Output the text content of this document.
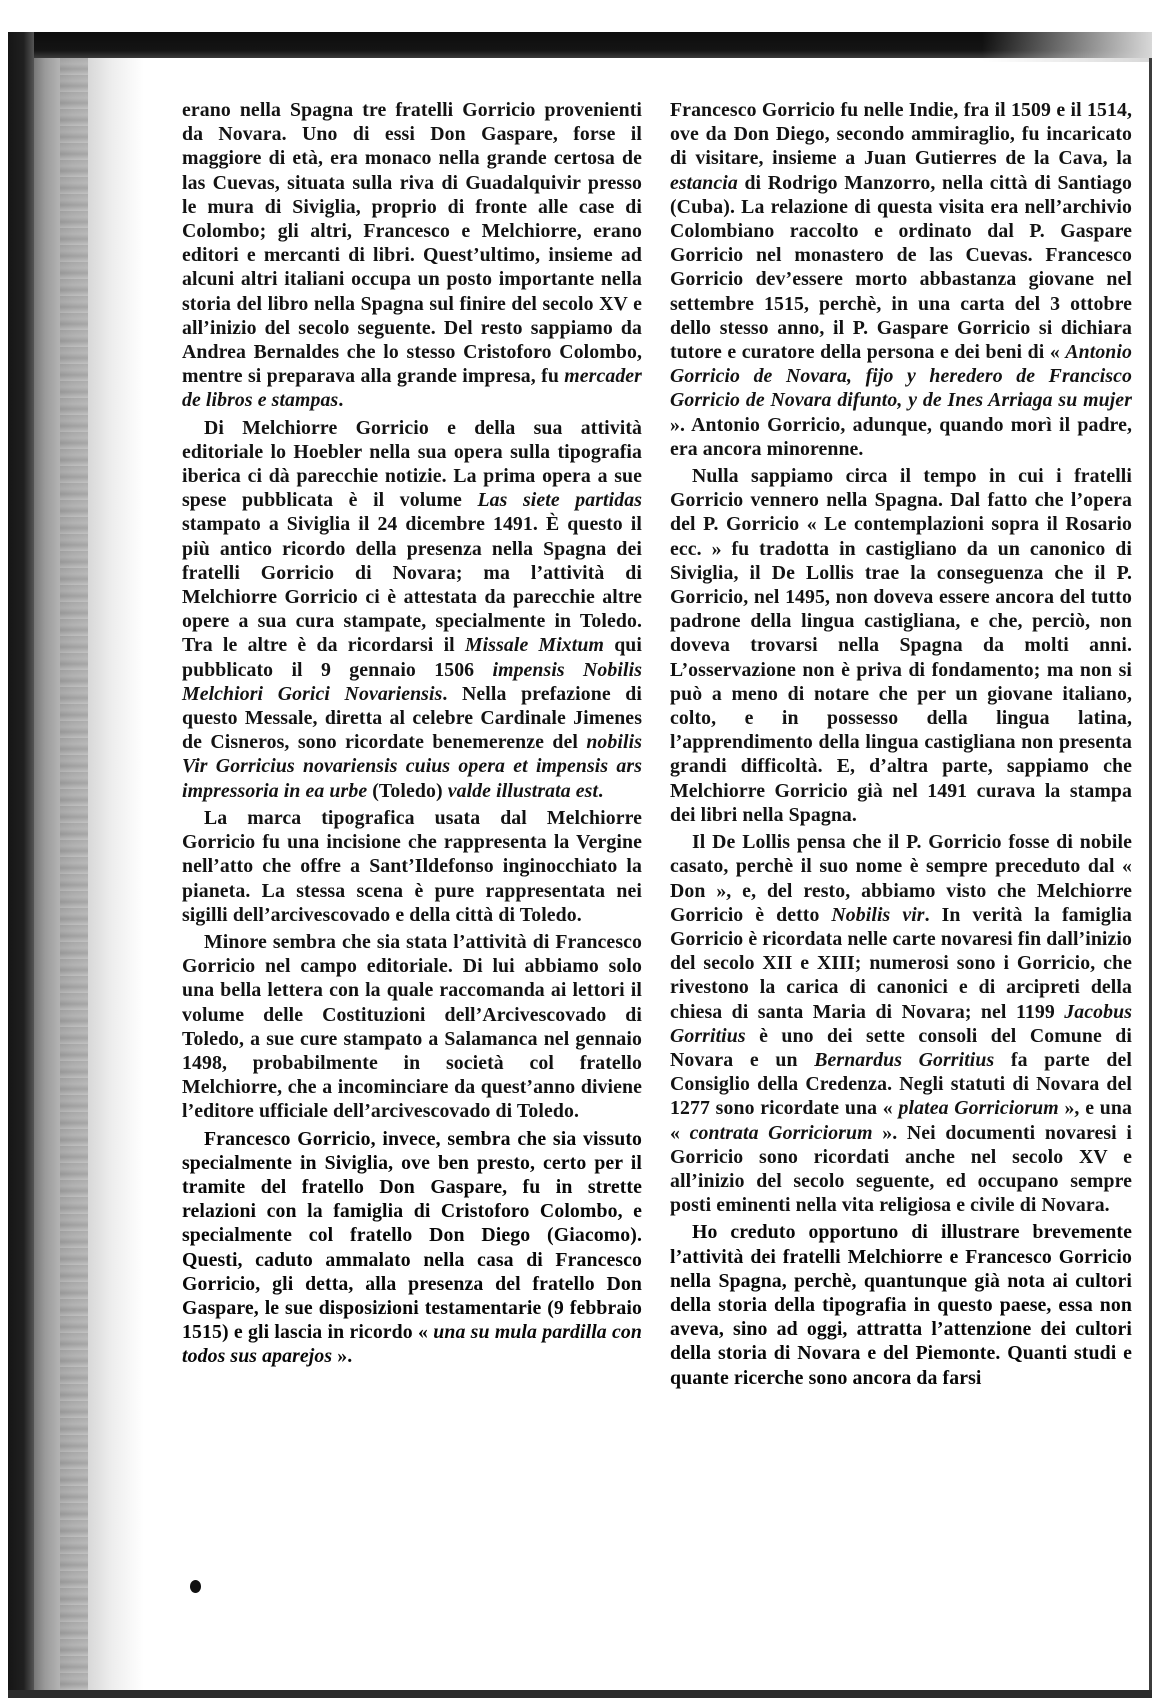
erano nella Spagna tre fratelli Gorricio provenienti da Novara. Uno di essi Don Gaspare, forse il maggiore di età, era monaco nella grande certosa de las Cuevas, situata sulla riva di Guadalquivir presso le mura di Siviglia, proprio di fronte alle case di Colombo; gli altri, Francesco e Melchiorre, erano editori e mercanti di libri. Quest’ultimo, insieme ad alcuni altri italiani occupa un posto importante nella storia del libro nella Spagna sul finire del secolo XV e all’inizio del secolo seguente. Del resto sappiamo da Andrea Bernaldes che lo stesso Cristoforo Colombo, mentre si preparava alla grande impresa, fu mercader de libros e stampas.

Di Melchiorre Gorricio e della sua attività editoriale lo Hoebler nella sua opera sulla tipografia iberica ci dà parecchie notizie. La prima opera a sue spese pubblicata è il volume Las siete partidas stampato a Siviglia il 24 dicembre 1491. È questo il più antico ricordo della presenza nella Spagna dei fratelli Gorricio di Novara; ma l’attività di Melchiorre Gorricio ci è attestata da parecchie altre opere a sua cura stampate, specialmente in Toledo. Tra le altre è da ricordarsi il Missale Mixtum qui pubblicato il 9 gennaio 1506 impensis Nobilis Melchiori Gorici Novariensis. Nella prefazione di questo Messale, diretta al celebre Cardinale Jimenes de Cisneros, sono ricordate benemerenze del nobilis Vir Gorricius novariensis cuius opera et impensis ars impressoria in ea urbe (Toledo) valde illustrata est.

La marca tipografica usata dal Melchiorre Gorricio fu una incisione che rappresenta la Vergine nell’atto che offre a Sant’Ildefonso inginocchiato la pianeta. La stessa scena è pure rappresentata nei sigilli dell’arcivescovado e della città di Toledo.

Minore sembra che sia stata l’attività di Francesco Gorricio nel campo editoriale. Di lui abbiamo solo una bella lettera con la quale raccomanda ai lettori il volume delle Costituzioni dell’Arcivescovado di Toledo, a sue cure stampato a Salamanca nel gennaio 1498, probabilmente in società col fratello Melchiorre, che a incominciare da quest’anno diviene l’editore ufficiale dell’arcivescovado di Toledo.

Francesco Gorricio, invece, sembra che sia vissuto specialmente in Siviglia, ove ben presto, certo per il tramite del fratello Don Gaspare, fu in strette relazioni con la famiglia di Cristoforo Colombo, e specialmente col fratello Don Diego (Giacomo). Questi, caduto ammalato nella casa di Francesco Gorricio, gli detta, alla presenza del fratello Don Gaspare, le sue disposizioni testamentarie (9 febbraio 1515) e gli lascia in ricordo « una su mula pardilla con todos sus aparejos ».

Francesco Gorricio fu nelle Indie, fra il 1509 e il 1514, ove da Don Diego, secondo ammiraglio, fu incaricato di visitare, insieme a Juan Gutierres de la Cava, la estancia di Rodrigo Manzorro, nella città di Santiago (Cuba). La relazione di questa visita era nell’archivio Colombiano raccolto e ordinato dal P. Gaspare Gorricio nel monastero de las Cuevas. Francesco Gorricio dev’essere morto abbastanza giovane nel settembre 1515, perchè, in una carta del 3 ottobre dello stesso anno, il P. Gaspare Gorricio si dichiara tutore e curatore della persona e dei beni di « Antonio Gorricio de Novara, fijo y heredero de Francisco Gorricio de Novara difunto, y de Ines Arriaga su mujer ». Antonio Gorricio, adunque, quando morì il padre, era ancora minorenne.

Nulla sappiamo circa il tempo in cui i fratelli Gorricio vennero nella Spagna. Dal fatto che l’opera del P. Gorricio « Le contemplazioni sopra il Rosario ecc. » fu tradotta in castigliano da un canonico di Siviglia, il De Lollis trae la conseguenza che il P. Gorricio, nel 1495, non doveva essere ancora del tutto padrone della lingua castigliana, e che, perciò, non doveva trovarsi nella Spagna da molti anni. L’osservazione non è priva di fondamento; ma non si può a meno di notare che per un giovane italiano, colto, e in possesso della lingua latina, l’apprendimento della lingua castigliana non presenta grandi difficoltà. E, d’altra parte, sappiamo che Melchiorre Gorricio già nel 1491 curava la stampa dei libri nella Spagna.

Il De Lollis pensa che il P. Gorricio fosse di nobile casato, perchè il suo nome è sempre preceduto dal « Don », e, del resto, abbiamo visto che Melchiorre Gorricio è detto Nobilis vir. In verità la famiglia Gorricio è ricordata nelle carte novaresi fin dall’inizio del secolo XII e XIII; numerosi sono i Gorricio, che rivestono la carica di canonici e di arcipreti della chiesa di santa Maria di Novara; nel 1199 Jacobus Gorritius è uno dei sette consoli del Comune di Novara e un Bernardus Gorritius fa parte del Consiglio della Credenza. Negli statuti di Novara del 1277 sono ricordate una « platea Gorriciorum », e una « contrata Gorriciorum ». Nei documenti novaresi i Gorricio sono ricordati anche nel secolo XV e all’inizio del secolo seguente, ed occupano sempre posti eminenti nella vita religiosa e civile di Novara.

Ho creduto opportuno di illustrare brevemente l’attività dei fratelli Melchiorre e Francesco Gorricio nella Spagna, perchè, quantunque già nota ai cultori della storia della tipografia in questo paese, essa non aveva, sino ad oggi, attratta l’attenzione dei cultori della storia di Novara e del Piemonte. Quanti studi e quante ricerche sono ancora da farsi
